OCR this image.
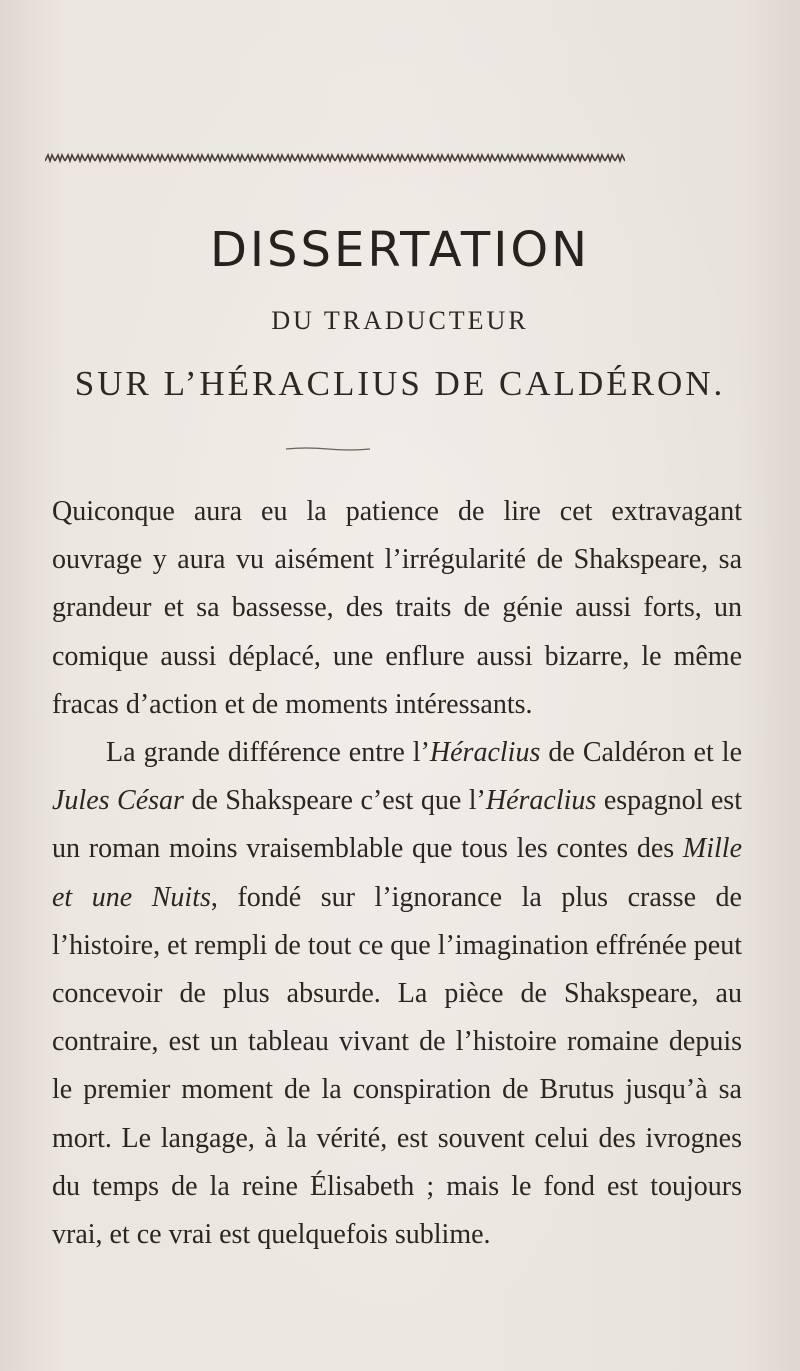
DISSERTATION
DU TRADUCTEUR
SUR L’HÉRACLIUS DE CALDÉRON.

Quiconque aura eu la patience de lire cet extravagant ouvrage y aura vu aisément l’irrégularité de Shakspeare, sa grandeur et sa bassesse, des traits de génie aussi forts, un comique aussi déplacé, une enflure aussi bizarre, le même fracas d’action et de moments intéressants.

La grande différence entre l’Héraclius de Caldéron et le Jules César de Shakspeare c’est que l’Héraclius espagnol est un roman moins vraisemblable que tous les contes des Mille et une Nuits, fondé sur l’ignorance la plus crasse de l’histoire, et rempli de tout ce que l’imagination effrénée peut concevoir de plus absurde. La pièce de Shakspeare, au contraire, est un tableau vivant de l’histoire romaine depuis le premier moment de la conspiration de Brutus jusqu’à sa mort. Le langage, à la vérité, est souvent celui des ivrognes du temps de la reine Élisabeth ; mais le fond est toujours vrai, et ce vrai est quelquefois sublime.
